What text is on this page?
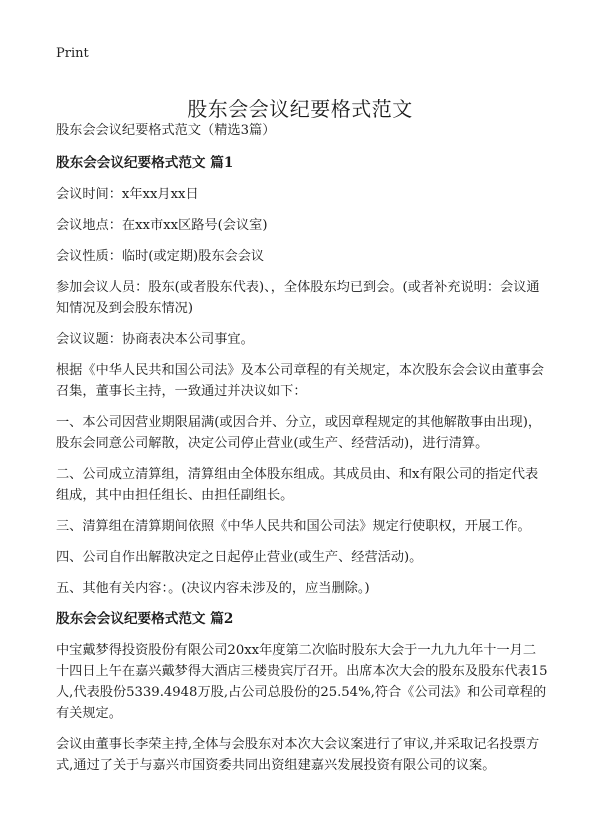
Print
股东会会议纪要格式范文

股东会会议纪要格式范文（精选3篇）

股东会会议纪要格式范文 篇1

会议时间：x年xx月xx日

会议地点：在xx市xx区路号(会议室)

会议性质：临时(或定期)股东会会议

参加会议人员：股东(或者股东代表)、，全体股东均已到会。(或者补充说明：会议通知情况及到会股东情况)

会议议题：协商表决本公司事宜。

根据《中华人民共和国公司法》及本公司章程的有关规定，本次股东会会议由董事会召集，董事长主持，一致通过并决议如下：

一、本公司因营业期限届满(或因合并、分立，或因章程规定的其他解散事由出现)，股东会同意公司解散，决定公司停止营业(或生产、经营活动)，进行清算。

二、公司成立清算组，清算组由全体股东组成。其成员由、和x有限公司的指定代表组成，其中由担任组长、由担任副组长。

三、清算组在清算期间依照《中华人民共和国公司法》规定行使职权，开展工作。

四、公司自作出解散决定之日起停止营业(或生产、经营活动)。

五、其他有关内容：。(决议内容未涉及的，应当删除。)

股东会会议纪要格式范文 篇2

中宝戴梦得投资股份有限公司20xx年度第二次临时股东大会于一九九九年十一月二十四日上午在嘉兴戴梦得大酒店三楼贵宾厅召开。出席本次大会的股东及股东代表15人,代表股份5339.4948万股,占公司总股份的25.54%,符合《公司法》和公司章程的有关规定。

会议由董事长李荣主持,全体与会股东对本次大会议案进行了审议,并采取记名投票方式,通过了关于与嘉兴市国资委共同出资组建嘉兴发展投资有限公司的议案。
